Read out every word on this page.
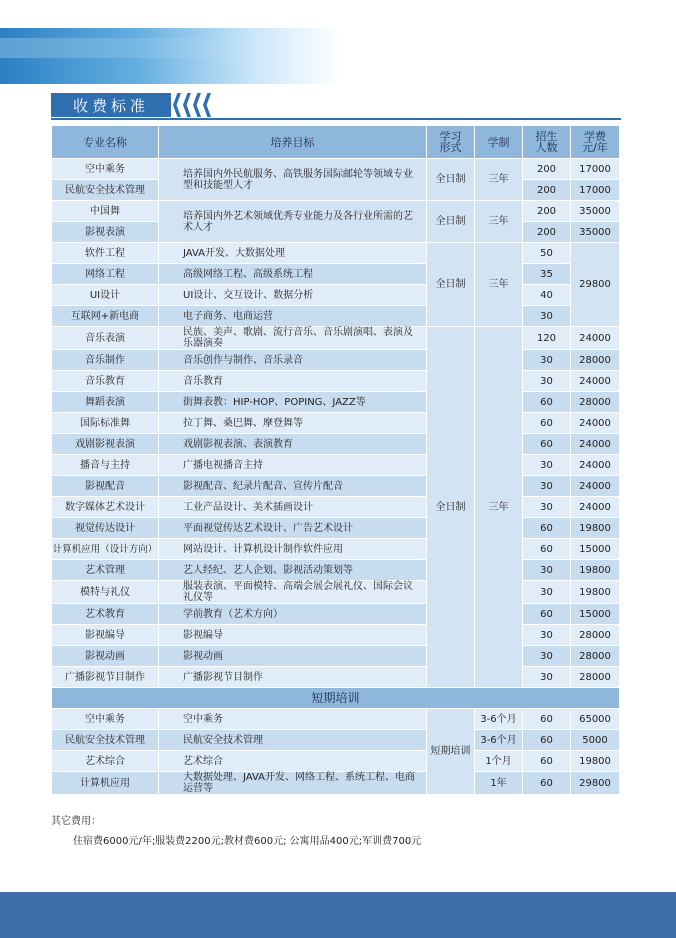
收费标准
专业名称	培养目标	学习形式	学制	招生人数	学费元/年
空中乘务	培养国内外民航服务、高铁服务国际邮轮等领域专业型和技能型人才	全日制	三年	200	17000
民航安全技术管理				200	17000
中国舞	培养国内外艺术领域优秀专业能力及各行业所需的艺术人才	全日制	三年	200	35000
影视表演				200	35000
软件工程	JAVA开发、大数据处理	全日制	三年	50	29800
网络工程	高级网络工程、高级系统工程			35	
UI设计	UI设计、交互设计、数据分析			40	
互联网+新电商	电子商务、电商运营			30	
音乐表演	民族、美声、歌剧、流行音乐、音乐剧演唱、表演及乐器演奏	全日制	三年	120	24000
音乐制作	音乐创作与制作、音乐录音			30	28000
音乐教育	音乐教育			30	24000
舞蹈表演	街舞表教：HIP-HOP、POPING、JAZZ等			60	28000
国际标准舞	拉丁舞、桑巴舞、摩登舞等			60	24000
戏剧影视表演	戏剧影视表演、表演教育			60	24000
播音与主持	广播电视播音主持			30	24000
影视配音	影视配音、纪录片配音、宣传片配音			30	24000
数字媒体艺术设计	工业产品设计、美术插画设计			30	24000
视觉传达设计	平面视觉传达艺术设计、广告艺术设计			60	19800
计算机应用（设计方向）	网站设计、计算机设计制作软件应用			60	15000
艺术管理	艺人经纪、艺人企划、影视活动策划等			30	19800
模特与礼仪	服装表演、平面模特、高端会展会展礼仪、国际会议礼仪等			30	19800
艺术教育	学前教育（艺术方向）			60	15000
影视编导	影视编导			30	28000
影视动画	影视动画			30	28000
广播影视节目制作	广播影视节目制作			30	28000
短期培训					
空中乘务	空中乘务	短期培训	3-6个月	60	65000
民航安全技术管理	民航安全技术管理		3-6个月	60	5000
艺术综合	艺术综合		1个月	60	19800
计算机应用	大数据处理、JAVA开发、网络工程、系统工程、电商运营等		1年	60	29800
其它费用：
住宿费6000元/年;服装费2200元;教材费600元; 公寓用品400元;军训费700元
